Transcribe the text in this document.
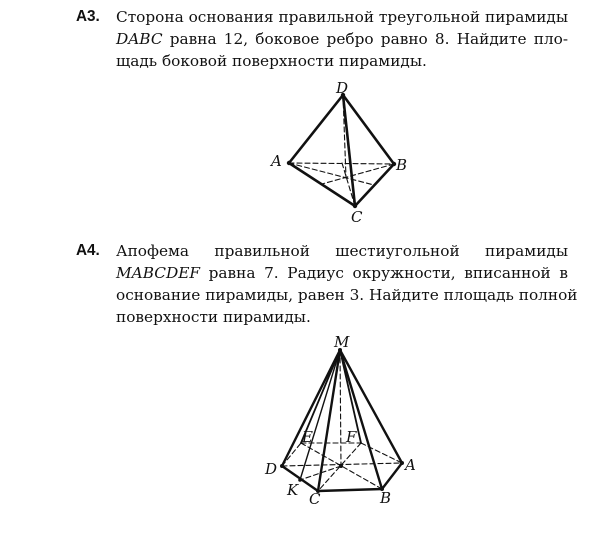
A3. Сторона основания правильной треугольной пирамиды
DABC равна 12, боковое ребро равно 8. Найдите пло-
щадь боковой поверхности пирамиды.
D
A	B
C
A4. Апофема правильной шестиугольной пирамиды
MABCDEF равна 7. Радиус окружности, вписанной в
основание пирамиды, равен 3. Найдите площадь полной
поверхности пирамиды.
M
E F
D	A
K C	B
